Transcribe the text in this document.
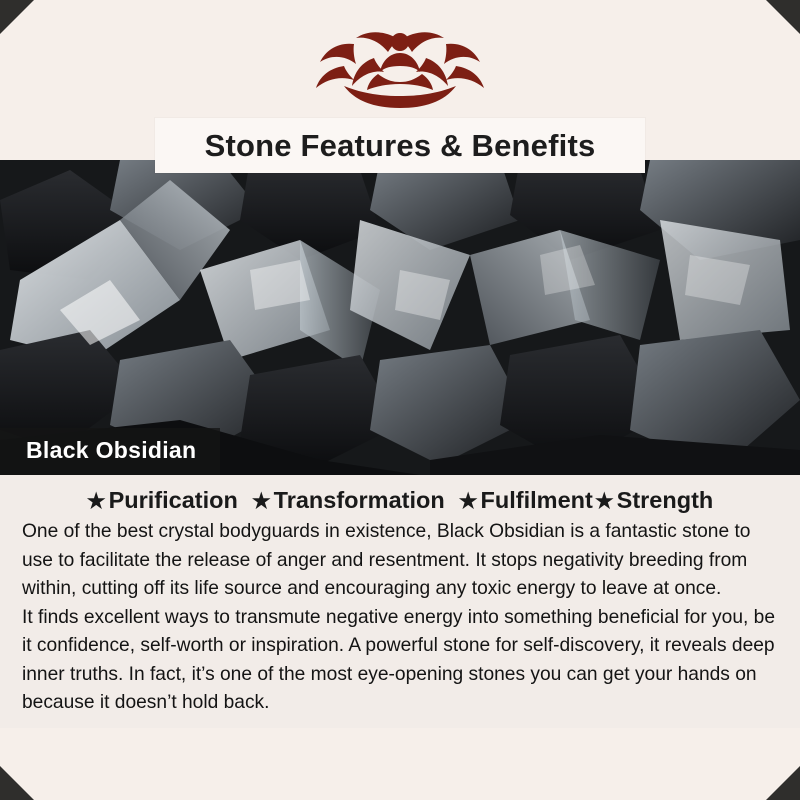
Stone Features & Benefits
Black Obsidian
★ Purification ★ Transformation ★ Fulfilment★ Strength

One of the best crystal bodyguards in existence, Black Obsidian is a fantastic stone to use to facilitate the release of anger and resentment. It stops negativity breeding from within, cutting off its life source and encouraging any toxic energy to leave at once.

It finds excellent ways to transmute negative energy into something beneficial for you, be it confidence, self-worth or inspiration. A powerful stone for self-discovery, it reveals deep inner truths. In fact, it’s one of the most eye-opening stones you can get your hands on because it doesn’t hold back.
